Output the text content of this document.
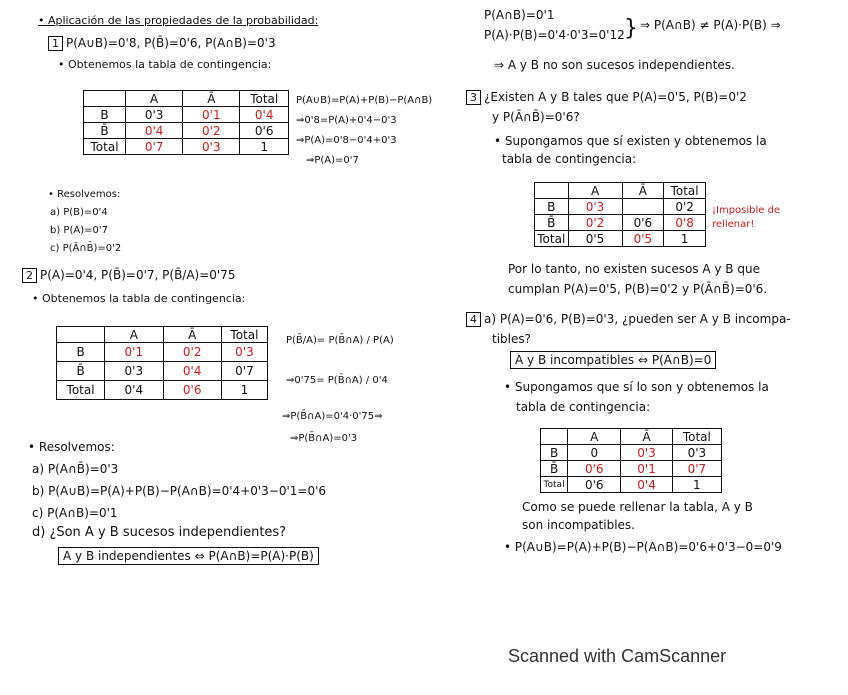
• Aplicación de las propiedades de la probabilidad:
1 P(A∪B)=0'8, P(B̄)=0'6, P(A∩B)=0'3
• Obtenemos la tabla de contingencia:
	A	Ā	Total
B	0'3	0'1	0'4
B̄	0'4	0'2	0'6
Total	0'7	0'3	1
P(A∪B)=P(A)+P(B)−P(A∩B)
⇒0'8=P(A)+0'4−0'3
⇒P(A)=0'8−0'4+0'3
⇒P(A)=0'7
• Resolvemos:
a) P(B)=0'4
b) P(A)=0'7
c) P(Ā∩B̄)=0'2
2 P(A)=0'4, P(B̄)=0'7, P(B̄/A)=0'75
• Obtenemos la tabla de contingencia:
	A	Ā	Total
B	0'1	0'2	0'3
B̄	0'3	0'4	0'7
Total	0'4	0'6	1
P(B̄/A)= P(B̄∩A) / P(A)
⇒0'75= P(B̄∩A) / 0'4
⇒P(B̄∩A)=0'4·0'75⇒
⇒P(B̄∩A)=0'3
• Resolvemos:
a) P(A∩B̄)=0'3
b) P(A∪B)=P(A)+P(B)−P(A∩B)=0'4+0'3−0'1=0'6
c) P(A∩B)=0'1
d) ¿Son A y B sucesos independientes?
A y B independientes ⇔ P(A∩B)=P(A)·P(B)
P(A∩B)=0'1
P(A)·P(B)=0'4·0'3=0'12 } ⇒ P(A∩B) ≠ P(A)·P(B) ⇒
⇒ A y B no son sucesos independientes.
3 ¿Existen A y B tales que P(A)=0'5, P(B)=0'2
y P(Ā∩B̄)=0'6?
• Supongamos que sí existen y obtenemos la
tabla de contingencia:
	A	Ā	Total
B	0'3		0'2
B̄	0'2	0'6	0'8
Total	0'5	0'5	1
¡Imposible de rellenar!
Por lo tanto, no existen sucesos A y B que
cumplan P(A)=0'5, P(B)=0'2 y P(Ā∩B̄)=0'6.
4 a) P(A)=0'6, P(B)=0'3, ¿pueden ser A y B incompa-
tibles?
A y B incompatibles ⇔ P(A∩B)=0
• Supongamos que sí lo son y obtenemos la
tabla de contingencia:
	A	Ā	Total
B	0	0'3	0'3
B̄	0'6	0'1	0'7
Total	0'6	0'4	1
Como se puede rellenar la tabla, A y B
son incompatibles.
• P(A∪B)=P(A)+P(B)−P(A∩B)=0'6+0'3−0=0'9
Scanned with CamScanner
